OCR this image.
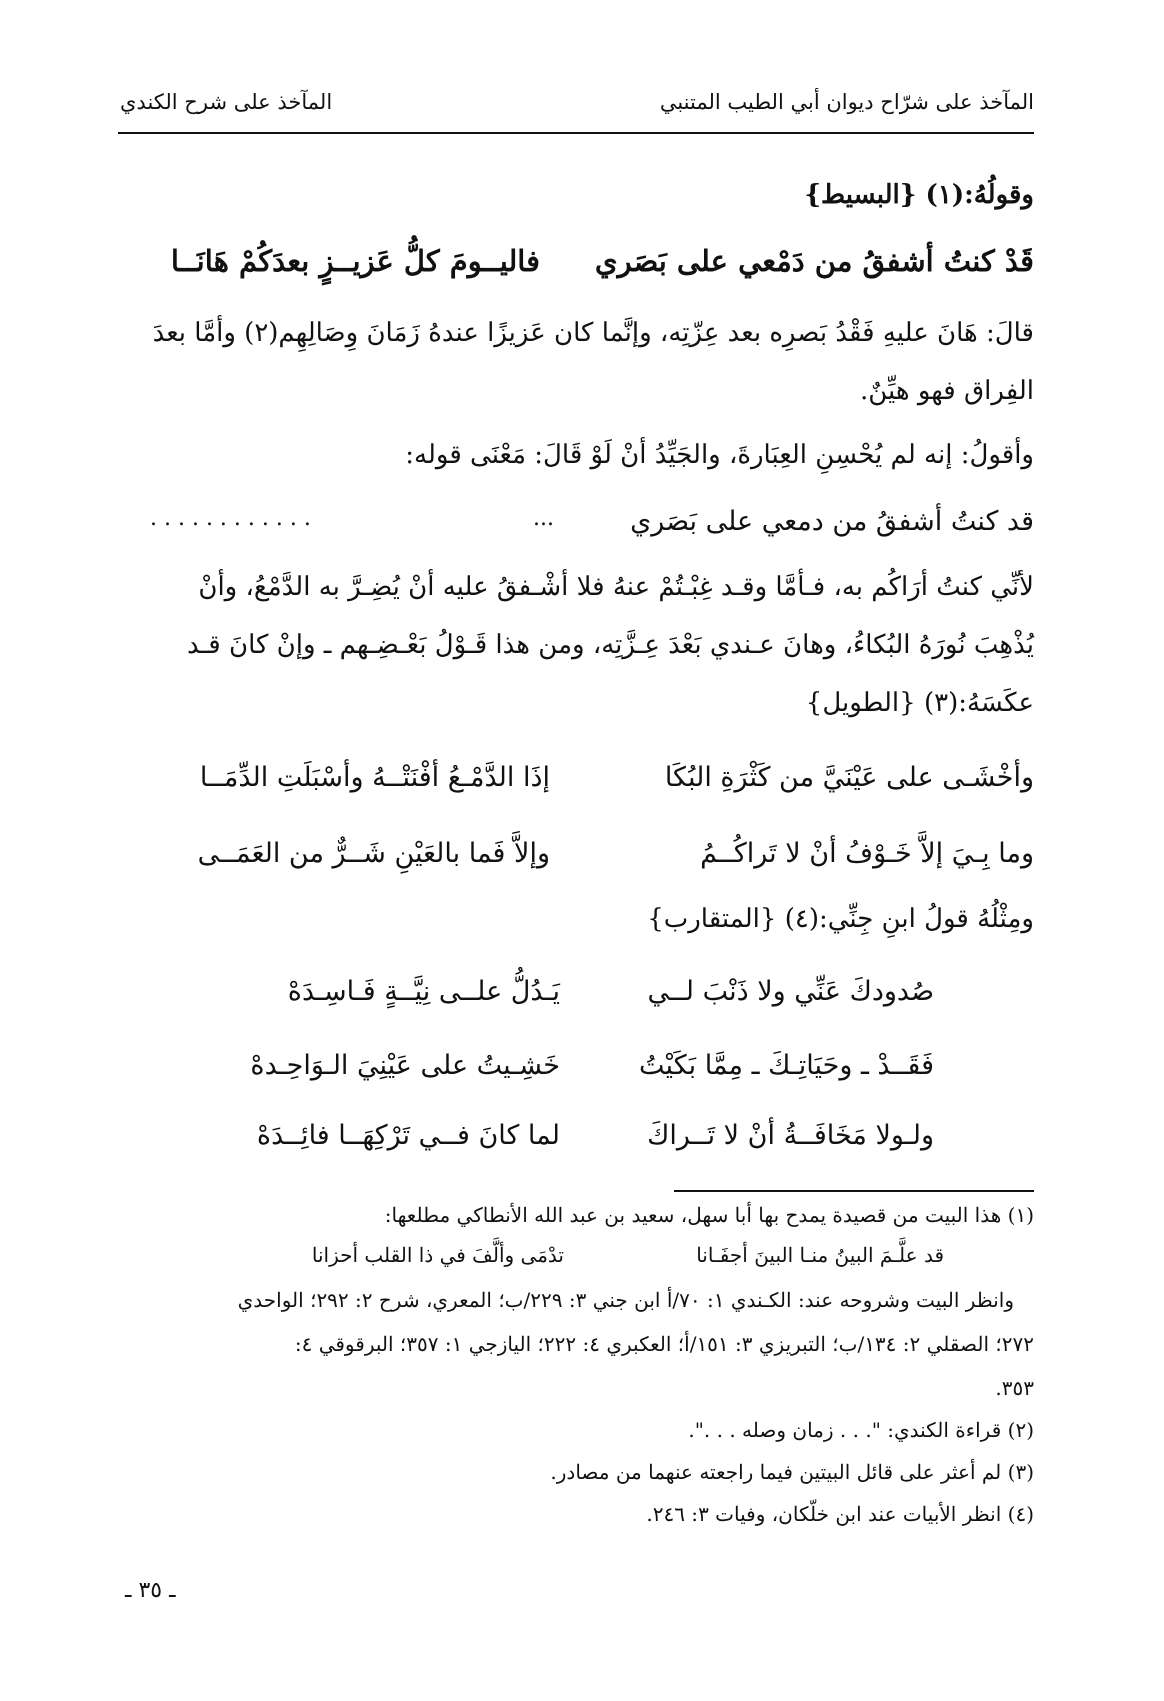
المآخذ على شرّاح ديوان أبي الطيب المتنبي
المآخذ على شرح الكندي
وقولُهُ:(١) {البسيط}
قَدْ كنتُ أشفقُ من دَمْعي على بَصَري
فاليــومَ كلُّ عَزيــزٍ بعدَكُمْ هَانَــا
قالَ: هَانَ عليهِ فَقْدُ بَصرِه بعد عِزّتِه، وإنَّما كان عَزيزًا عندهُ زَمَانَ وِصَالِهِم(٢) وأمَّا بعدَ
الفِراق فهو هيِّنٌ.
وأقولُ: إنه لم يُحْسِنِ العِبَارةَ، والجَيِّدُ أنْ لَوْ قَالَ: مَعْنَى قوله:
قد كنتُ أشفقُ من دمعي على بَصَري
...
. . . . . . . . . . . .
لأنِّي كنتُ أرَاكُم به، فـأمَّا وقـد غِبْـتُمْ عنهُ فلا أشْـفقُ عليه أنْ يُضِـرَّ به الدَّمْعُ، وأنْ
يُذْهِبَ نُورَهُ البُكاءُ، وهانَ عـندي بَعْدَ عِـزَّتِه، ومن هذا قَـوْلُ بَعْـضِـهم ـ وإنْ كانَ قـد
عكَسَهُ:(٣) {الطويل}
وأخْشَـى على عَيْنَيَّ من كَثْرَةِ البُكَا
إذَا الدَّمْـعُ أفْنَتْــهُ وأسْبَلَتِ الدِّمَــا
وما بِـيَ إلاَّ خَـوْفُ أنْ لا تَراكُــمُ
وإلاَّ فَما بالعَيْنِ شَــرٌّ من العَمَــى
ومِثْلُهُ قولُ ابنِ جِنِّي:(٤) {المتقارب}
صُدودكَ عَنِّي ولا ذَنْبَ لــي
يَـدُلُّ علــى نِيَّــةٍ فَـاسِـدَهْ
فَقَــدْ ـ وحَيَاتِـكَ ـ مِمَّا بَكَيْتُ
خَشِـيتُ على عَيْنِيَ الـوَاحِـدهْ
ولـولا مَخَافَــةُ أنْ لا تَــراكَ
لما كانَ فــي تَرْكِهَــا فائِــدَهْ
(١) هذا البيت من قصيدة يمدح بها أبا سهل، سعيد بن عبد الله الأنطاكي مطلعها:
قد علَّـمَ البينُ منـا البينَ أجفَـانا
تدْمَى وألَّفَ في ذا القلب أحزانا
وانظر البيت وشروحه عند: الكـندي ١: ٧٠/أ ابن جني ٣: ٢٢٩/ب؛ المعري، شرح ٢: ٢٩٢؛ الواحدي
٢٧٢؛ الصقلي ٢: ١٣٤/ب؛ التبريزي ٣: ١٥١/أ؛ العكبري ٤: ٢٢٢؛ اليازجي ١: ٣٥٧؛ البرقوقي ٤:
٣٥٣.
(٢) قراءة الكندي: ". . . زمان وصله . . .".
(٣) لم أعثر على قائل البيتين فيما راجعته عنهما من مصادر.
(٤) انظر الأبيات عند ابن خلّكان، وفيات ٣: ٢٤٦.
ـ ٣٥ ـ
